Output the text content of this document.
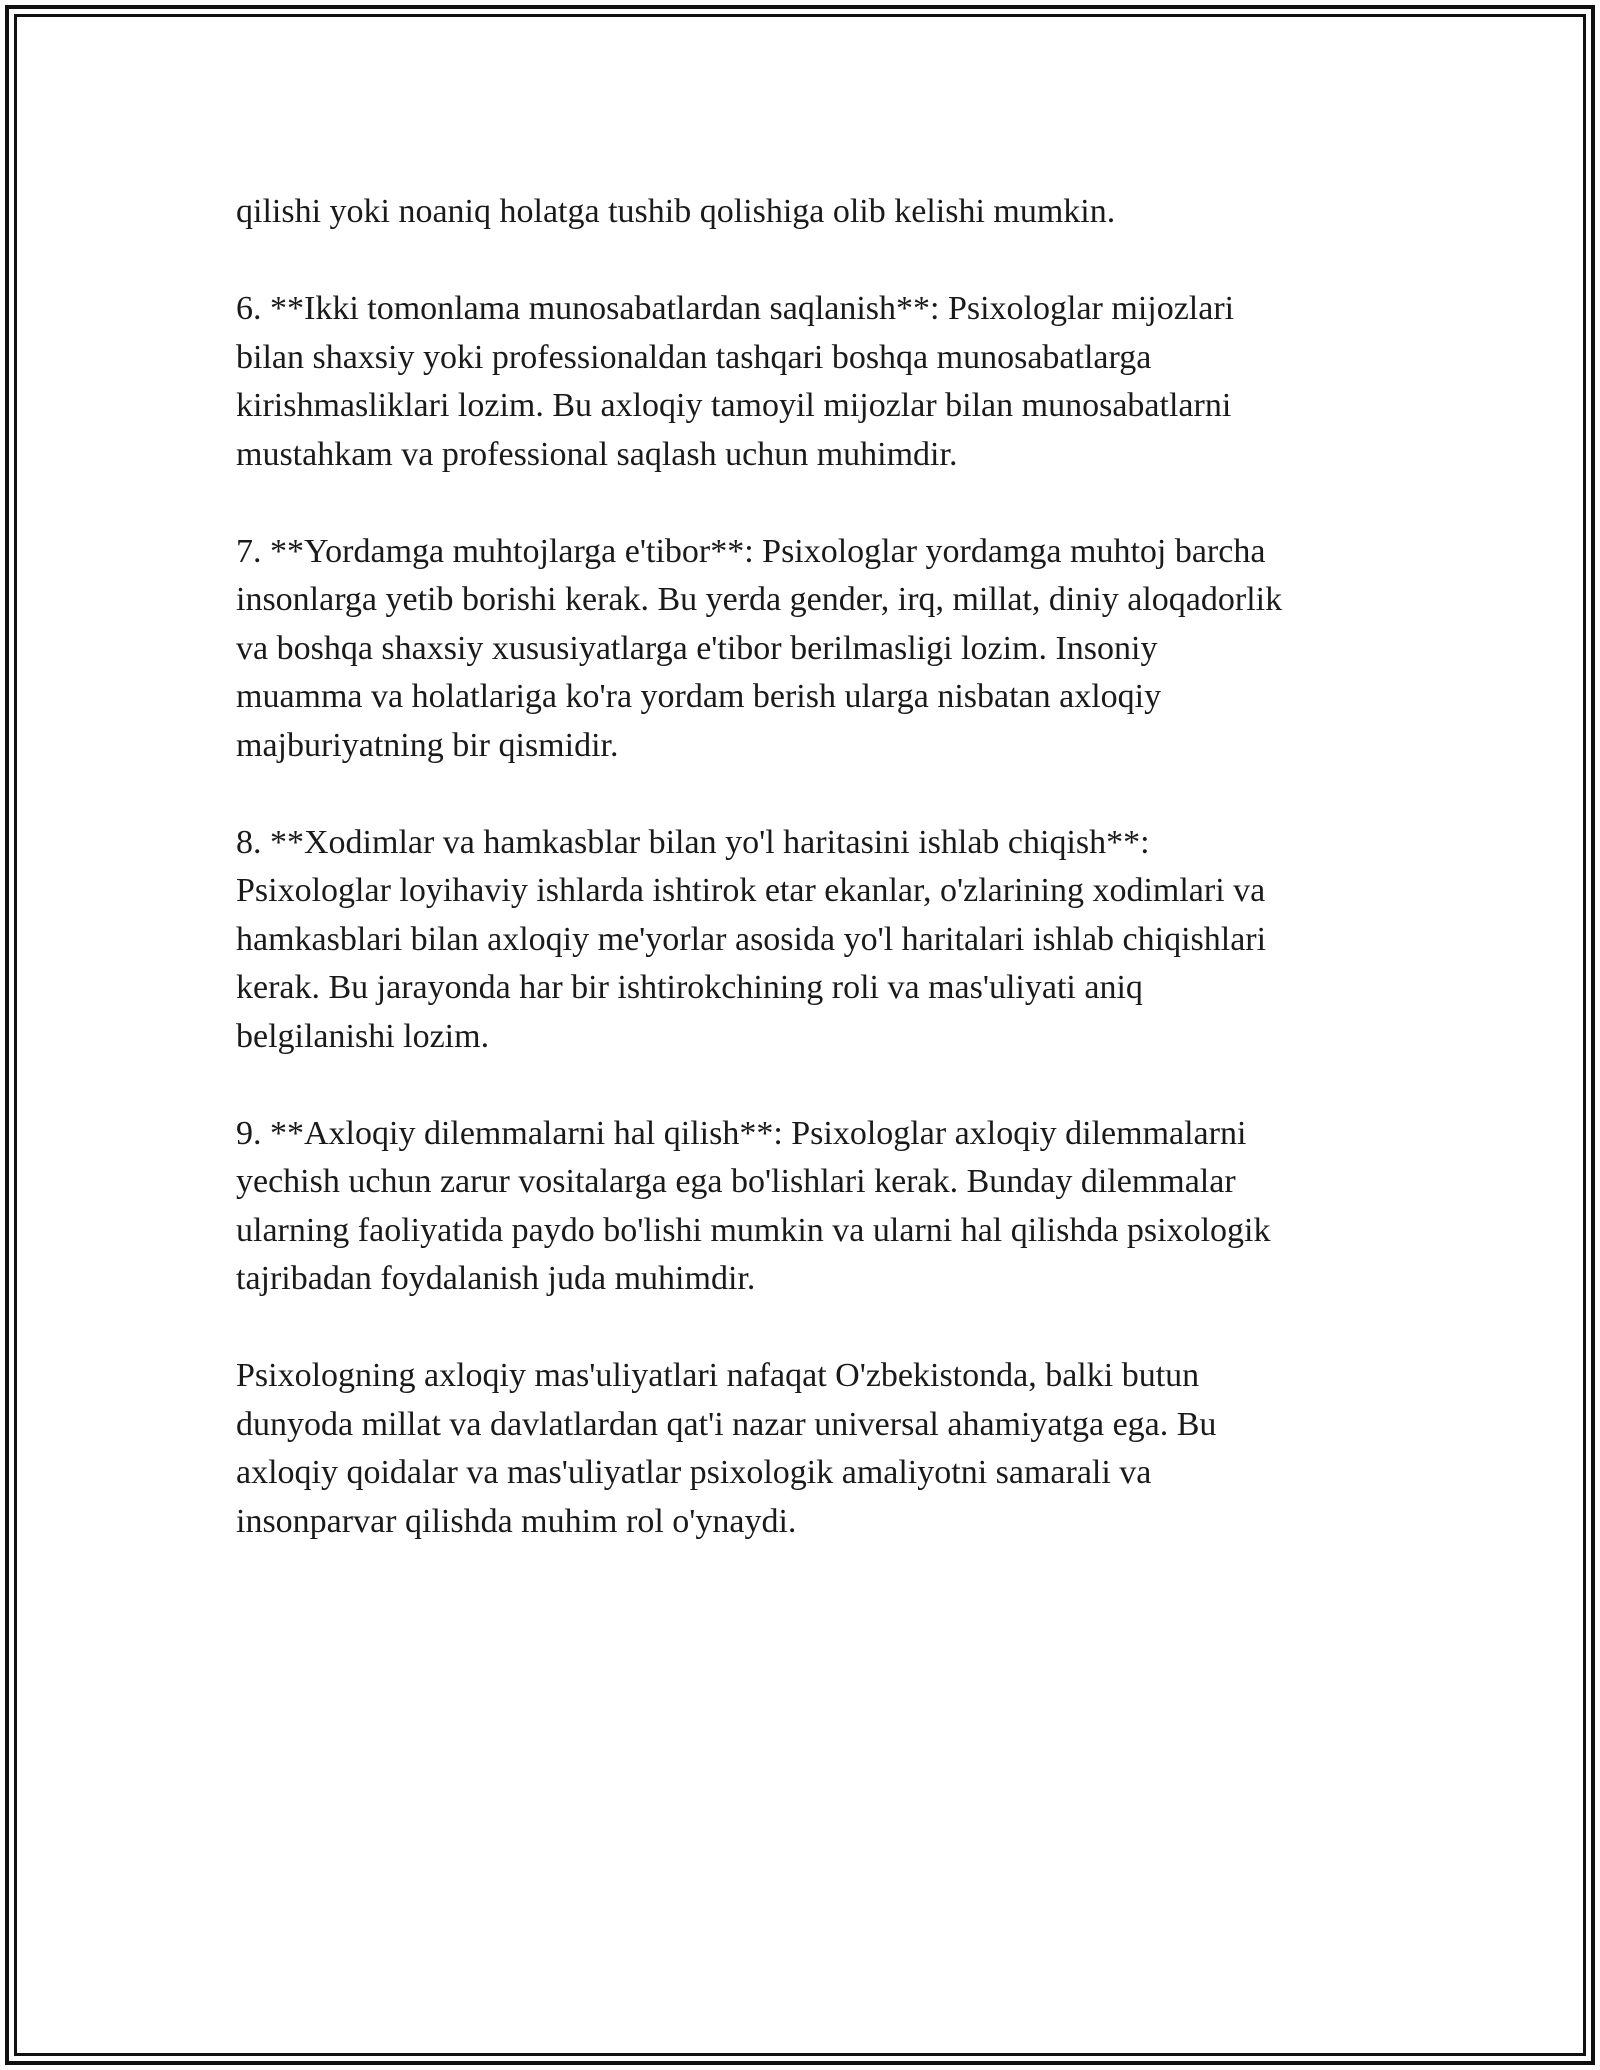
qilishi yoki noaniq holatga tushib qolishiga olib kelishi mumkin.

6. **Ikki tomonlama munosabatlardan saqlanish**: Psixologlar mijozlari
bilan shaxsiy yoki professionaldan tashqari boshqa munosabatlarga
kirishmasliklari lozim. Bu axloqiy tamoyil mijozlar bilan munosabatlarni
mustahkam va professional saqlash uchun muhimdir.

7. **Yordamga muhtojlarga e'tibor**: Psixologlar yordamga muhtoj barcha
insonlarga yetib borishi kerak. Bu yerda gender, irq, millat, diniy aloqadorlik
va boshqa shaxsiy xususiyatlarga e'tibor berilmasligi lozim. Insoniy
muamma va holatlariga ko'ra yordam berish ularga nisbatan axloqiy
majburiyatning bir qismidir.

8. **Xodimlar va hamkasblar bilan yo'l haritasini ishlab chiqish**:
Psixologlar loyihaviy ishlarda ishtirok etar ekanlar, o'zlarining xodimlari va
hamkasblari bilan axloqiy me'yorlar asosida yo'l haritalari ishlab chiqishlari
kerak. Bu jarayonda har bir ishtirokchining roli va mas'uliyati aniq
belgilanishi lozim.

9. **Axloqiy dilemmalarni hal qilish**: Psixologlar axloqiy dilemmalarni
yechish uchun zarur vositalarga ega bo'lishlari kerak. Bunday dilemmalar
ularning faoliyatida paydo bo'lishi mumkin va ularni hal qilishda psixologik
tajribadan foydalanish juda muhimdir.

Psixologning axloqiy mas'uliyatlari nafaqat O'zbekistonda, balki butun
dunyoda millat va davlatlardan qat'i nazar universal ahamiyatga ega. Bu
axloqiy qoidalar va mas'uliyatlar psixologik amaliyotni samarali va
insonparvar qilishda muhim rol o'ynaydi.
